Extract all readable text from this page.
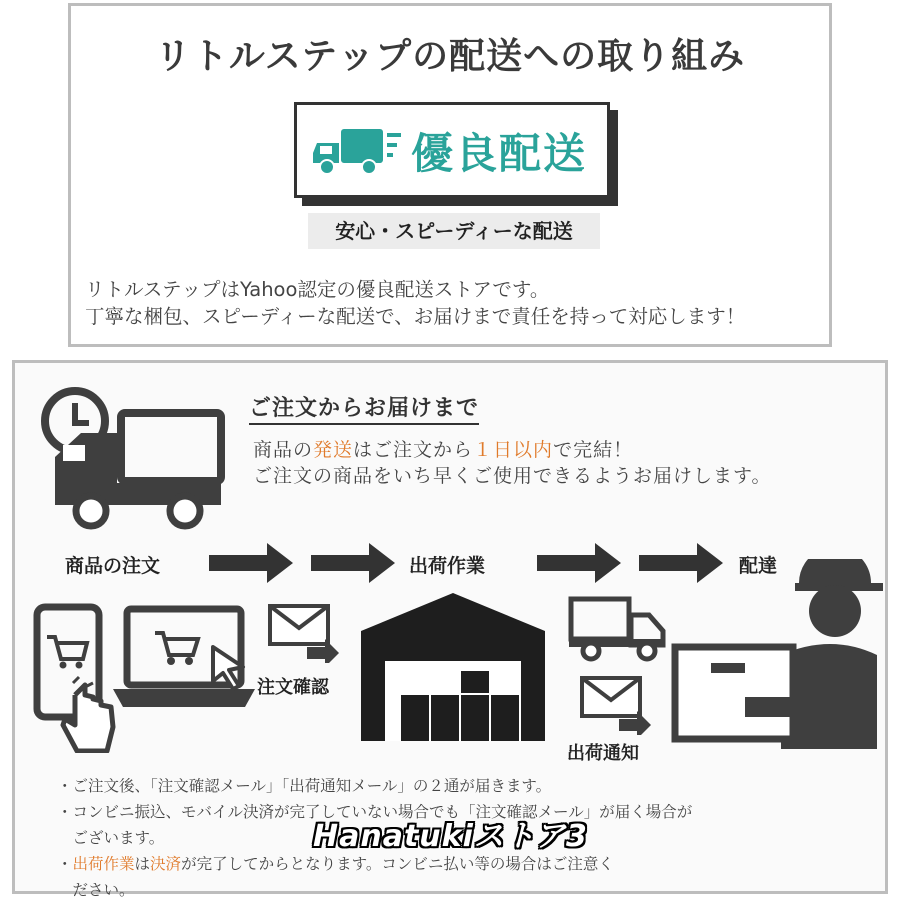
リトルステップの配送への取り組み
優良配送
安心・スピーディーな配送
リトルステップはYahoo認定の優良配送ストアです。
丁寧な梱包、スピーディーな配送で、お届けまで責任を持って対応します！
ご注文からお届けまで
商品の発送はご注文から１日以内で完結！
ご注文の商品をいち早くご使用できるようお届けします。
商品の注文	出荷作業	配達
注文確認
出荷通知
・ご注文後、「注文確認メール」「出荷通知メール」の２通が届きます。
・コンビニ振込、モバイル決済が完了していない場合でも「注文確認メール」が届く場合が
　ございます。
・出荷作業は決済が完了してからとなります。コンビニ払い等の場合はご注意く
　ださい。
Hanatukiストア3
